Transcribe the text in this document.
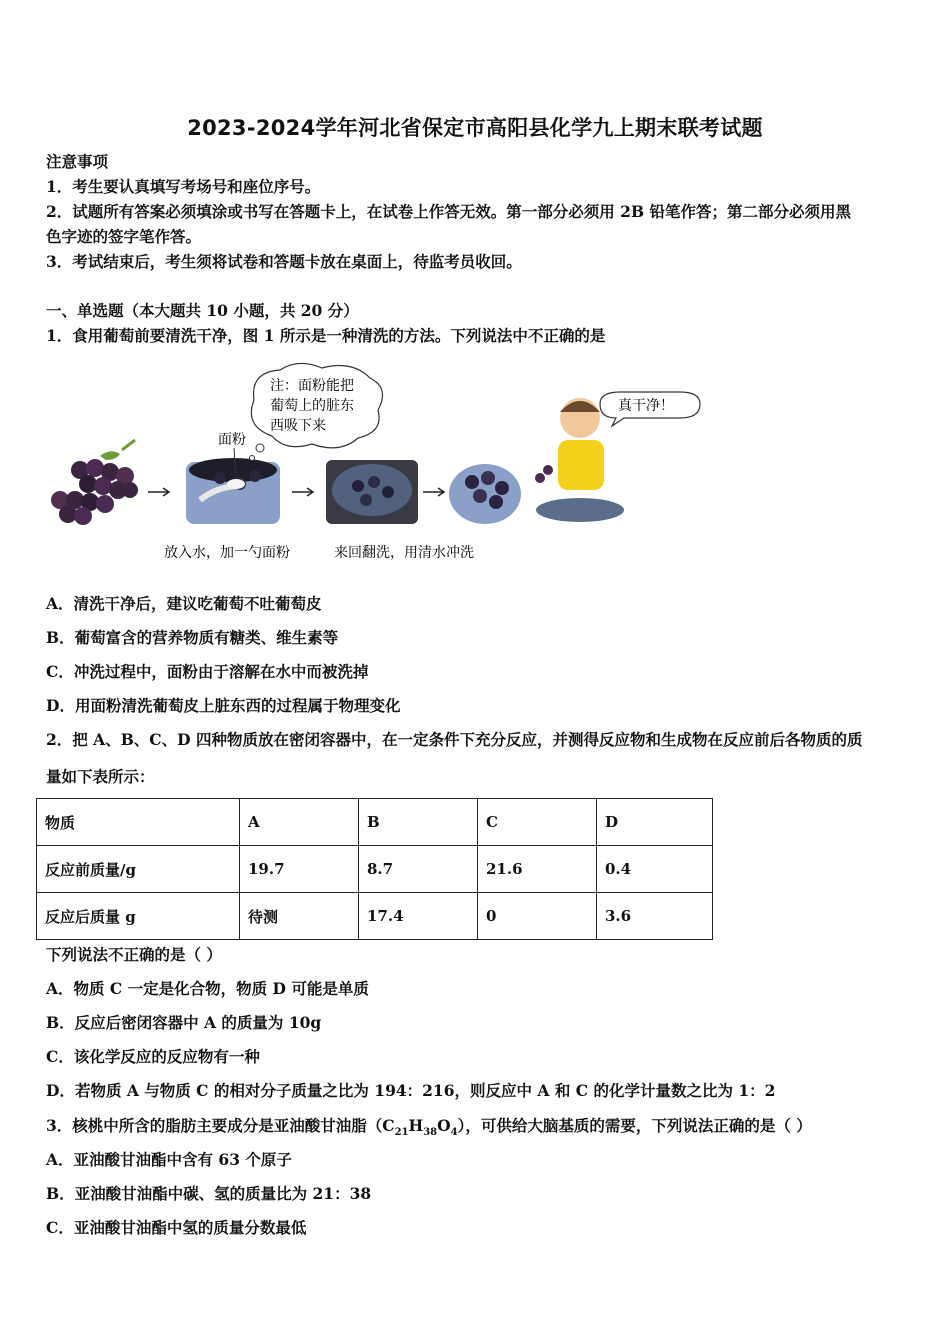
2023-2024学年河北省保定市高阳县化学九上期末联考试题
注意事项
1．考生要认真填写考场号和座位序号。
2．试题所有答案必须填涂或书写在答题卡上，在试卷上作答无效。第一部分必须用 2B 铅笔作答；第二部分必须用黑
色字迹的签字笔作答。
3．考试结束后，考生须将试卷和答题卡放在桌面上，待监考员收回。
一、单选题（本大题共 10 小题，共 20 分）
1．食用葡萄前要清洗干净，图 1 所示是一种清洗的方法。下列说法中不正确的是
面粉
注：面粉能把
葡萄上的脏东
西吸下来
真干净！
放入水，加一勺面粉	来回翻洗，用清水冲洗
A．清洗干净后，建议吃葡萄不吐葡萄皮
B．葡萄富含的营养物质有糖类、维生素等
C．冲洗过程中，面粉由于溶解在水中而被洗掉
D．用面粉清洗葡萄皮上脏东西的过程属于物理变化
2．把 A、B、C、D 四种物质放在密闭容器中，在一定条件下充分反应，并测得反应物和生成物在反应前后各物质的质
量如下表所示：
物质	A	B	C	D
反应前质量/g	19.7	8.7	21.6	0.4
反应后质量 g	待测	17.4	0	3.6
下列说法不正确的是（ ）
A．物质 C 一定是化合物，物质 D 可能是单质
B．反应后密闭容器中 A 的质量为 10g
C．该化学反应的反应物有一种
D．若物质 A 与物质 C 的相对分子质量之比为 194：216，则反应中 A 和 C 的化学计量数之比为 1：2
3．核桃中所含的脂肪主要成分是亚油酸甘油脂$(C_{21}H_{38}O_4)$，可供给大脑基质的需要，下列说法正确的是（ ）
A．亚油酸甘油酯中含有 63 个原子
B．亚油酸甘油酯中碳、氢的质量比为 21：38
C．亚油酸甘油酯中氢的质量分数最低
